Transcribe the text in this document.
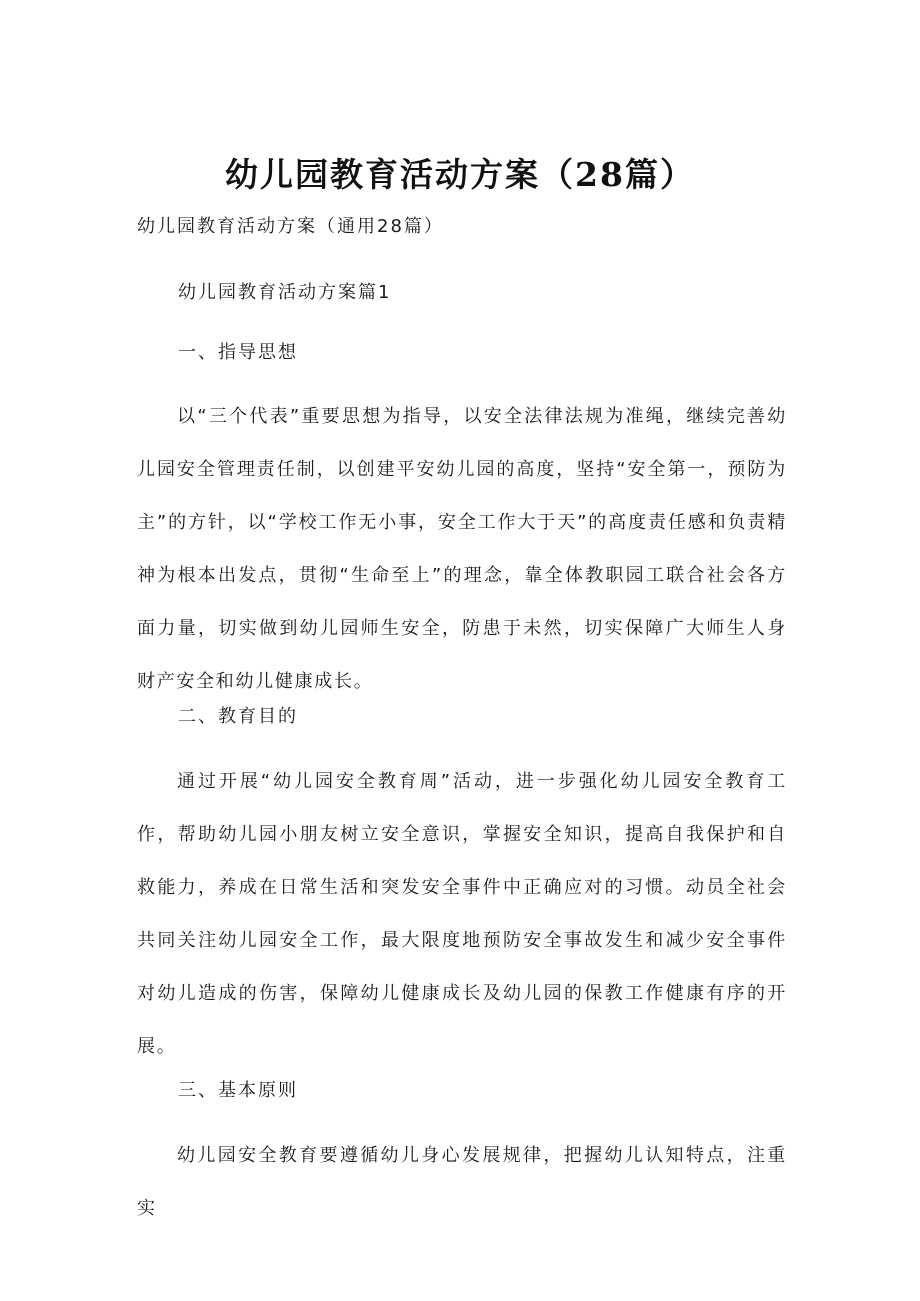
幼儿园教育活动方案（28篇）
幼儿园教育活动方案（通用28篇）
幼儿园教育活动方案篇1
一、指导思想

以“三个代表”重要思想为指导，以安全法律法规为准绳，继续完善幼儿园安全管理责任制，以创建平安幼儿园的高度，坚持“安全第一，预防为主”的方针，以“学校工作无小事，安全工作大于天”的高度责任感和负责精神为根本出发点，贯彻“生命至上”的理念，靠全体教职园工联合社会各方面力量，切实做到幼儿园师生安全，防患于未然，切实保障广大师生人身财产安全和幼儿健康成长。

二、教育目的

通过开展“幼儿园安全教育周”活动，进一步强化幼儿园安全教育工作，帮助幼儿园小朋友树立安全意识，掌握安全知识，提高自我保护和自救能力，养成在日常生活和突发安全事件中正确应对的习惯。动员全社会共同关注幼儿园安全工作，最大限度地预防安全事故发生和减少安全事件对幼儿造成的伤害，保障幼儿健康成长及幼儿园的保教工作健康有序的开展。

三、基本原则

幼儿园安全教育要遵循幼儿身心发展规律，把握幼儿认知特点，注重实
